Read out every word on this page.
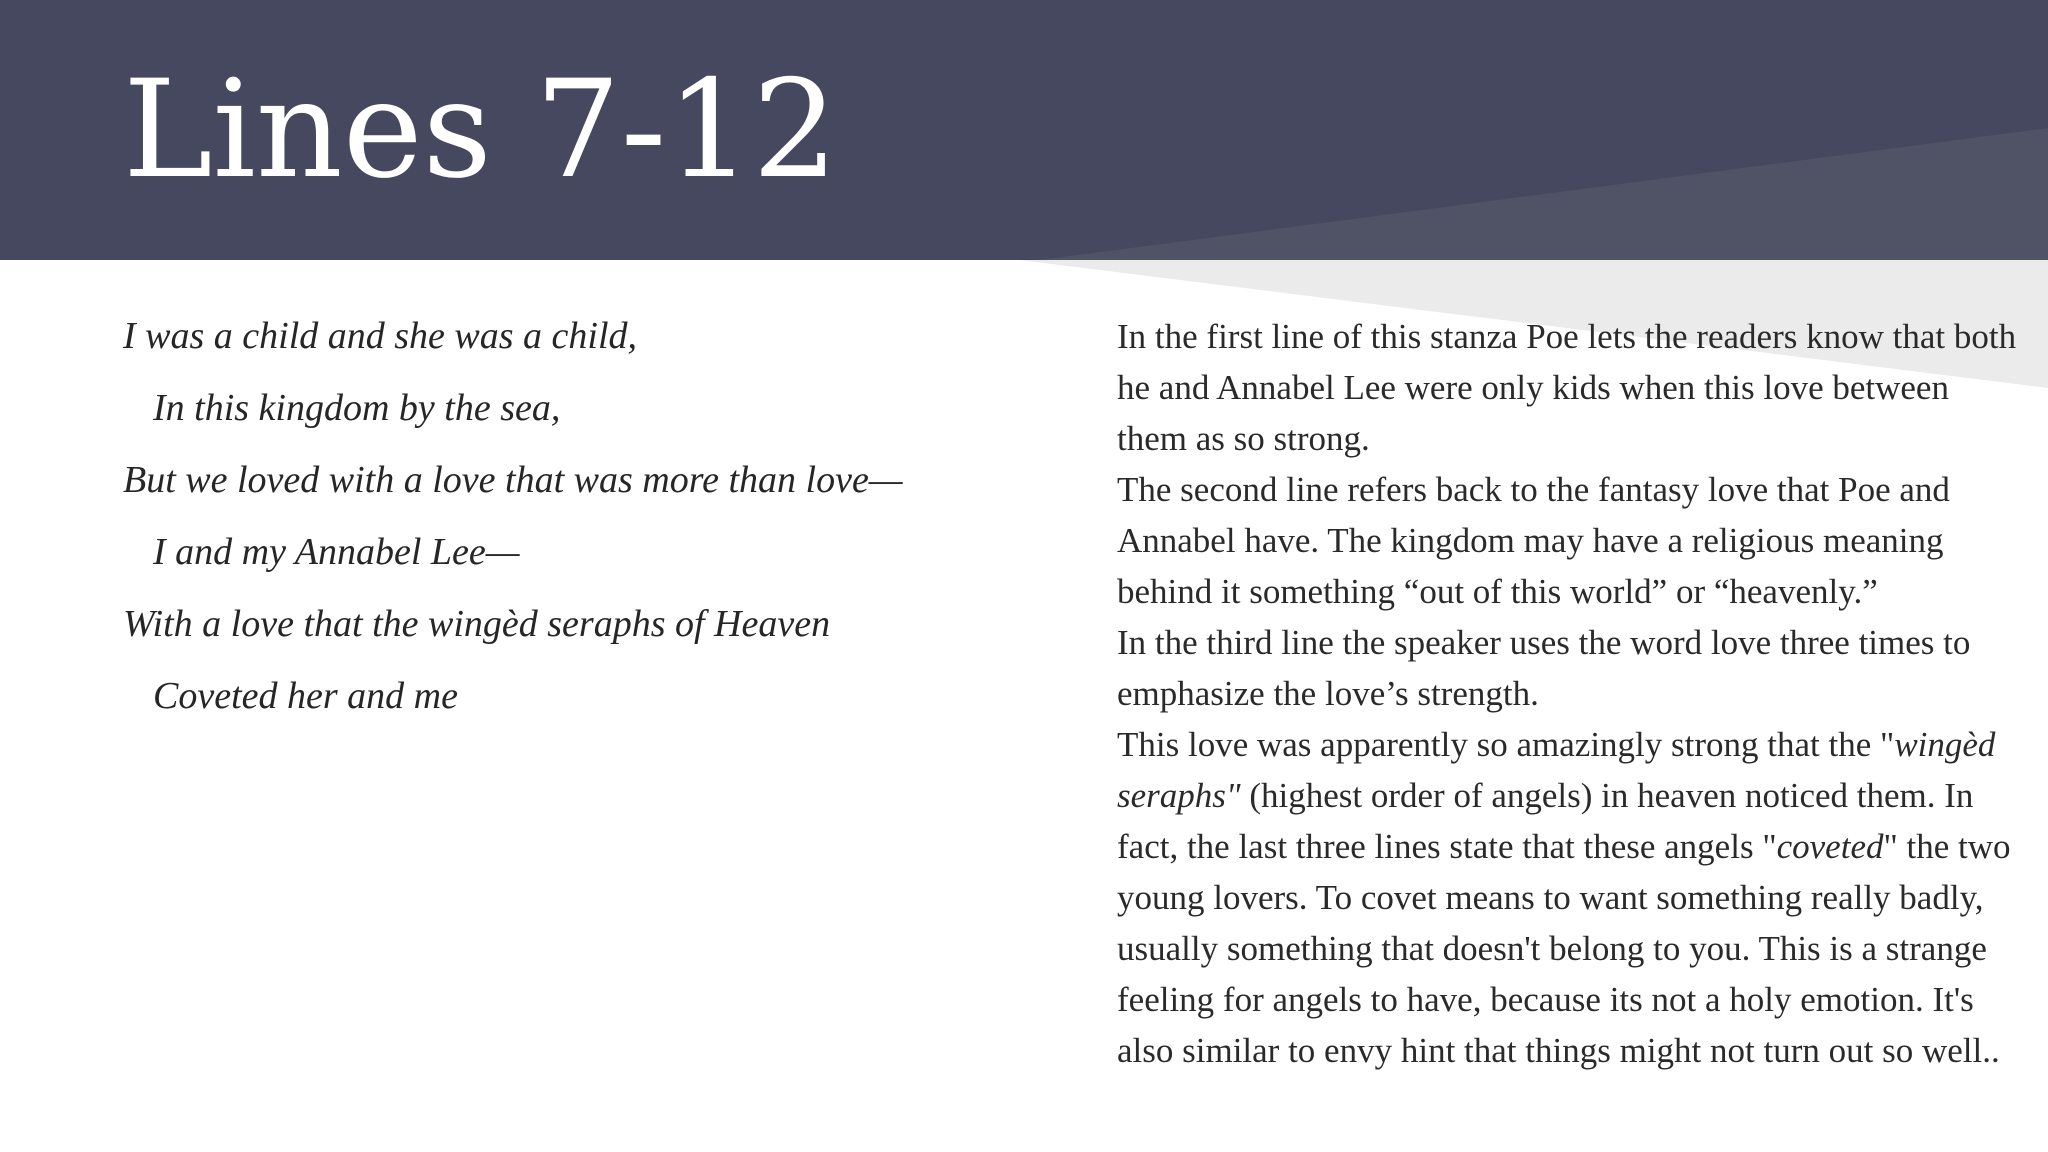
Lines 7-12
I was a child and she was a child,
In this kingdom by the sea,
But we loved with a love that was more than love—
I and my Annabel Lee—
With a love that the wingèd seraphs of Heaven
Coveted her and me

In the first line of this stanza Poe lets the readers know that both he and Annabel Lee were only kids when this love between them as so strong.

The second line refers back to the fantasy love that Poe and Annabel have. The kingdom may have a religious meaning behind it something “out of this world” or “heavenly.”

In the third line the speaker uses the word love three times to emphasize the love’s strength.

This love was apparently so amazingly strong that the "wingèd seraphs" (highest order of angels) in heaven noticed them. In fact, the last three lines state that these angels "coveted" the two young lovers. To covet means to want something really badly, usually something that doesn't belong to you. This is a strange feeling for angels to have, because its not a holy emotion. It's also similar to envy hint that things might not turn out so well..
